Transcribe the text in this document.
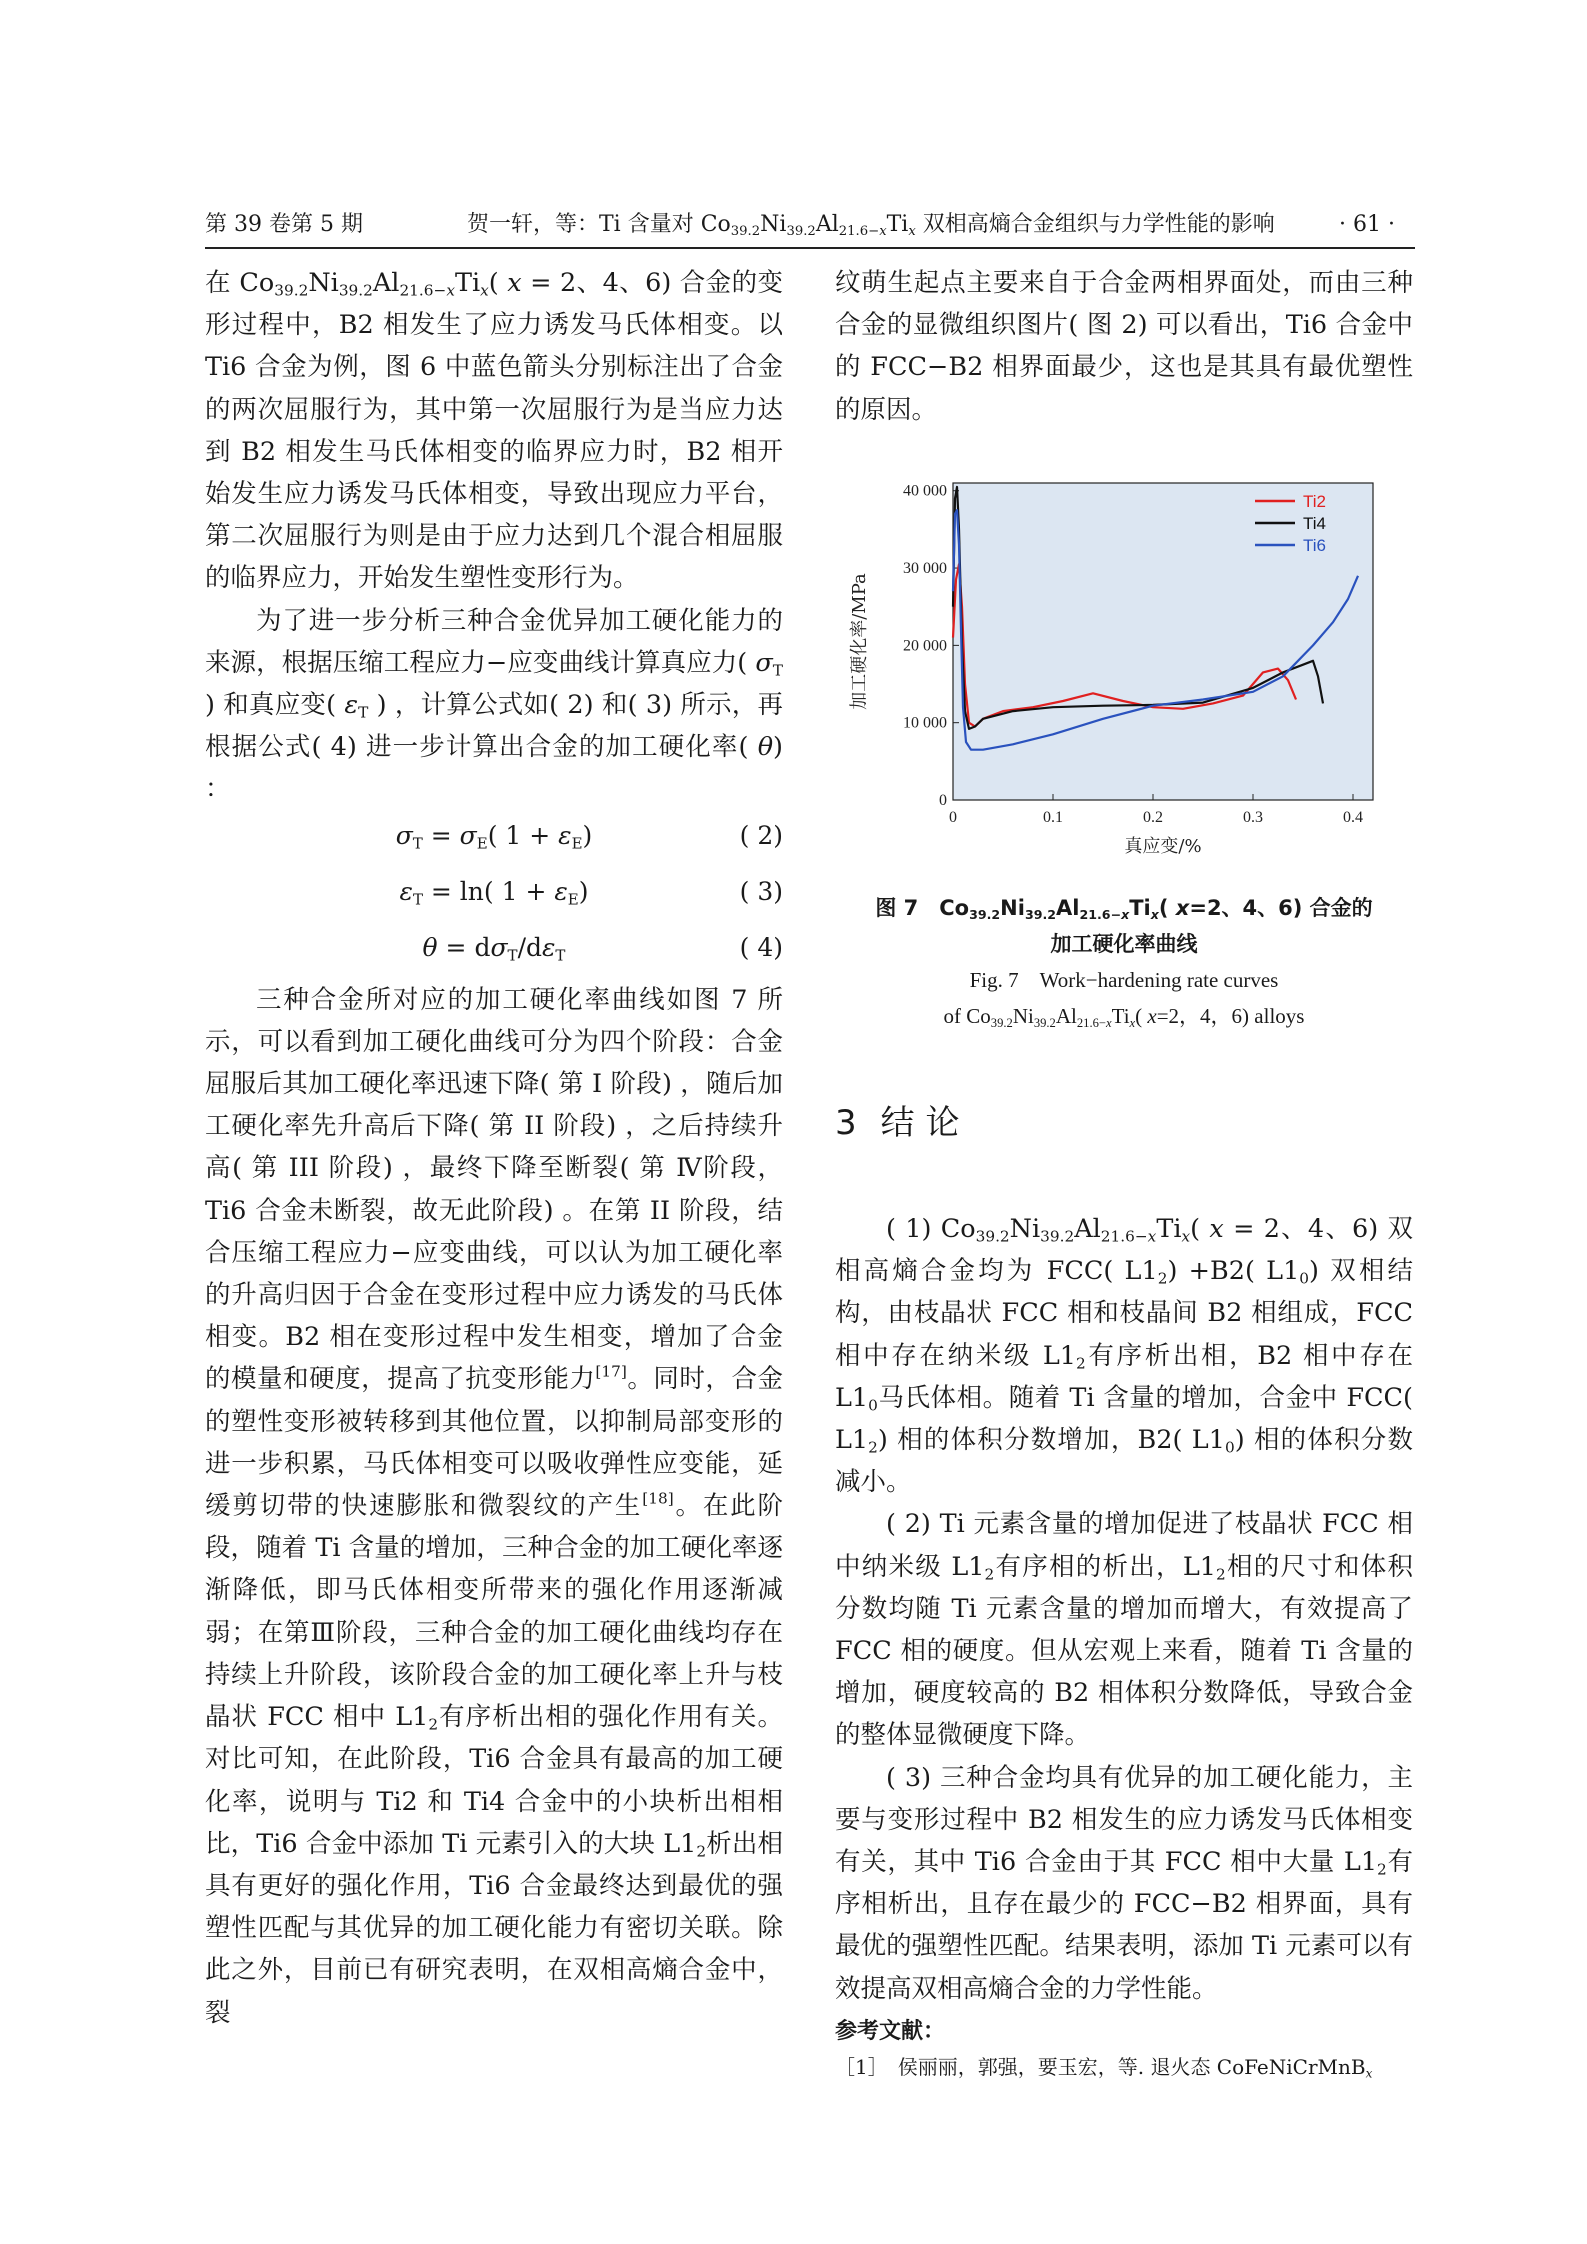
第 39 卷第 5 期	贺一轩，等：Ti 含量对 $Co_{39.2}Ni_{39.2}Al_{21.6-x}Ti_x$ 双相高熵合金组织与力学性能的影响	· 61 ·

在 $Co_{39.2}Ni_{39.2}Al_{21.6-x}Ti_x$( x = 2、4、6) 合金的变形过程中，B2 相发生了应力诱发马氏体相变。以 Ti6 合金为例，图 6 中蓝色箭头分别标注出了合金的两次屈服行为，其中第一次屈服行为是当应力达到 B2 相发生马氏体相变的临界应力时，B2 相开始发生应力诱发马氏体相变，导致出现应力平台，第二次屈服行为则是由于应力达到几个混合相屈服的临界应力，开始发生塑性变形行为。

为了进一步分析三种合金优异加工硬化能力的来源，根据压缩工程应力−应变曲线计算真应力( $\sigma_T$ ) 和真应变( $\varepsilon_T$ ) ，计算公式如( 2) 和( 3) 所示，再根据公式( 4) 进一步计算出合金的加工硬化率( θ) ：

$\sigma_T = \sigma_E$( $1 + \varepsilon_E$)	( 2)
$\varepsilon_T = \ln$( $1 + \varepsilon_E$)	( 3)
$\theta = d\sigma_T/d\varepsilon_T$	( 4)

三种合金所对应的加工硬化率曲线如图 7 所示，可以看到加工硬化曲线可分为四个阶段：合金屈服后其加工硬化率迅速下降( 第 I 阶段) ，随后加工硬化率先升高后下降( 第 II 阶段) ，之后持续升高( 第 III 阶段) ，最终下降至断裂( 第 Ⅳ阶段，Ti6 合金未断裂，故无此阶段) 。在第 II 阶段，结合压缩工程应力−应变曲线，可以认为加工硬化率的升高归因于合金在变形过程中应力诱发的马氏体相变。B2 相在变形过程中发生相变，增加了合金的模量和硬度，提高了抗变形能力[17]。同时，合金的塑性变形被转移到其他位置，以抑制局部变形的进一步积累，马氏体相变可以吸收弹性应变能，延缓剪切带的快速膨胀和微裂纹的产生[18]。在此阶段，随着 Ti 含量的增加，三种合金的加工硬化率逐渐降低，即马氏体相变所带来的强化作用逐渐减弱；在第Ⅲ阶段，三种合金的加工硬化曲线均存在持续上升阶段，该阶段合金的加工硬化率上升与枝晶状 FCC 相中 $L1_2$有序析出相的强化作用有关。对比可知，在此阶段，Ti6 合金具有最高的加工硬化率，说明与 Ti2 和 Ti4 合金中的小块析出相相比，Ti6 合金中添加 Ti 元素引入的大块 $L1_2$析出相具有更好的强化作用，Ti6 合金最终达到最优的强塑性匹配与其优异的加工硬化能力有密切关联。除此之外，目前已有研究表明，在双相高熵合金中，裂

纹萌生起点主要来自于合金两相界面处，而由三种合金的显微组织图片( 图 2) 可以看出，Ti6 合金中的 FCC−B2 相界面最少，这也是其具有最优塑性的原因。

0	0.1	0.2	0.3	0.4
0
10 000
20 000
30 000
40 000
真应变/%
加工硬化率/MPa
Ti2
Ti4
Ti6
图 7　$Co_{39.2}Ni_{39.2}Al_{21.6-x}Ti_x$( x=2、4、6) 合金的
加工硬化率曲线
Fig. 7　Work−hardening rate curves
of $Co_{39.2}Ni_{39.2}Al_{21.6-x}Ti_x$( x=2，4，6) alloys
3 结 论

( 1) $Co_{39.2}Ni_{39.2}Al_{21.6-x}Ti_x$( x = 2、4、6) 双相高熵合金均为 FCC( $L1_2) +B2$( $L1_0$) 双相结构，由枝晶状 FCC 相和枝晶间 B2 相组成，FCC 相中存在纳米级 $L1_2$有序析出相，B2 相中存在 $L1_0$马氏体相。随着 Ti 含量的增加，合金中 FCC( $L1_2$) 相的体积分数增加，B2( $L1_0$) 相的体积分数减小。

( 2) Ti 元素含量的增加促进了枝晶状 FCC 相中纳米级 $L1_2$有序相的析出，$L1_2$相的尺寸和体积分数均随 Ti 元素含量的增加而增大，有效提高了 FCC 相的硬度。但从宏观上来看，随着 Ti 含量的增加，硬度较高的 B2 相体积分数降低，导致合金的整体显微硬度下降。

( 3) 三种合金均具有优异的加工硬化能力，主要与变形过程中 B2 相发生的应力诱发马氏体相变有关，其中 Ti6 合金由于其 FCC 相中大量 $L1_2$有序相析出，且存在最少的 FCC−B2 相界面，具有最优的强塑性匹配。结果表明，添加 Ti 元素可以有效提高双相高熵合金的力学性能。

参考文献：
［1］　侯丽丽，郭强，要玉宏，等. 退火态 CoFeNiCrMnB$_x$
